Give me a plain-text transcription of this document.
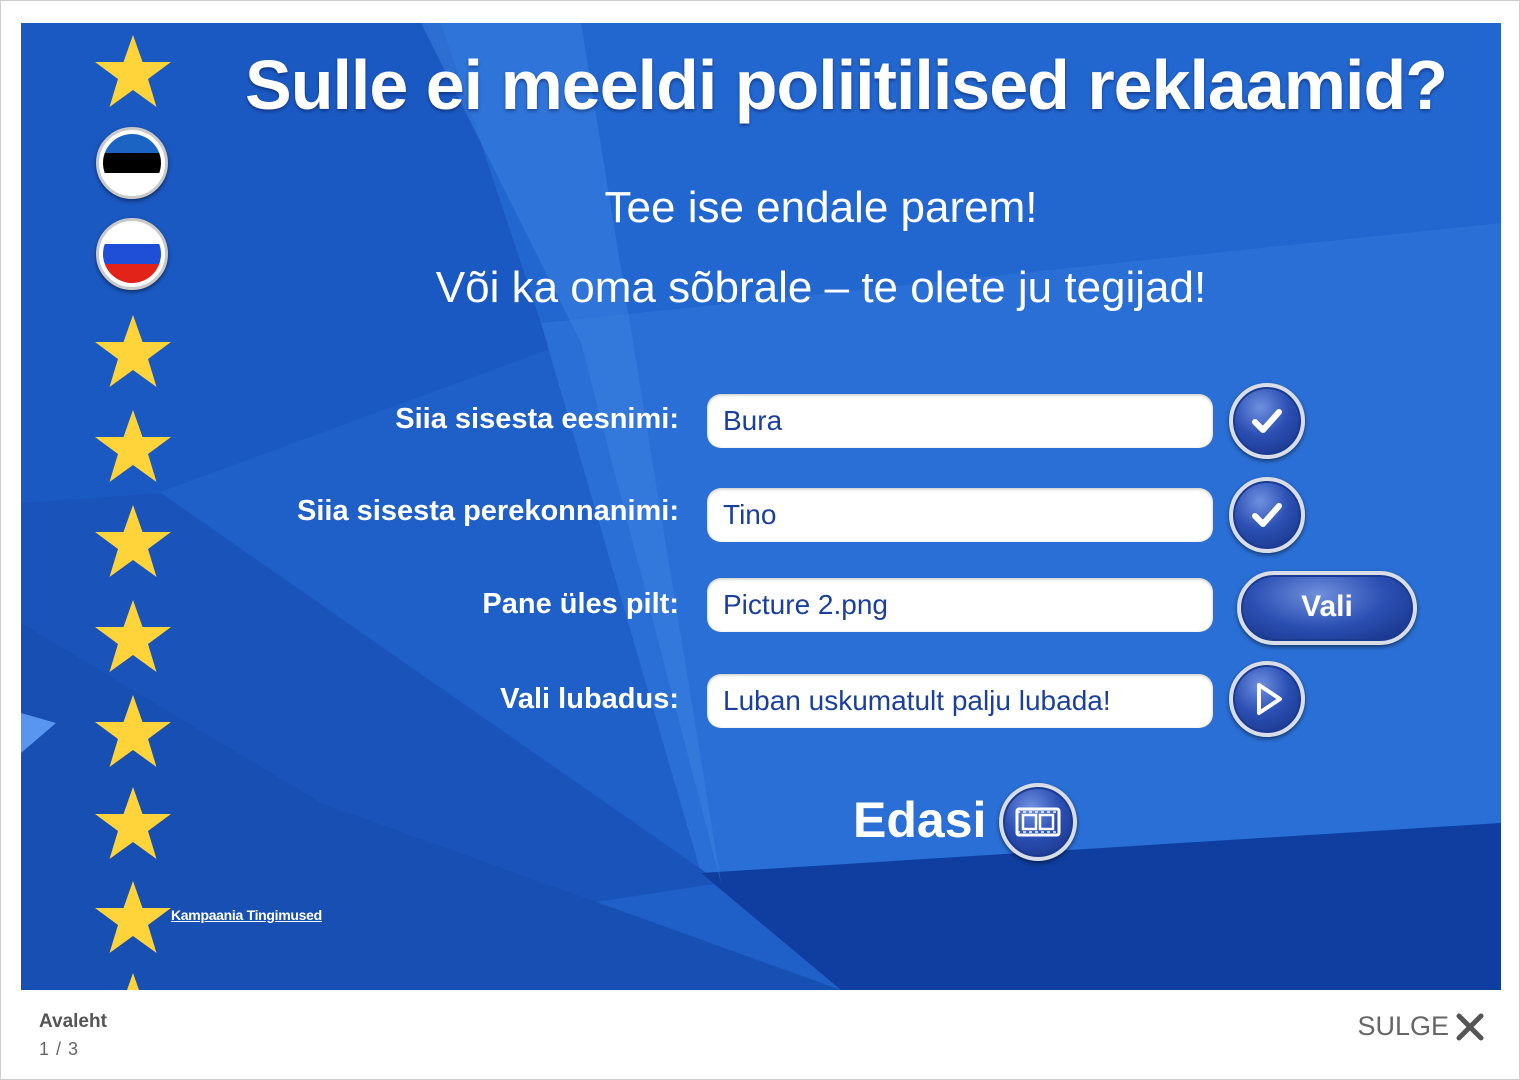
Sulle ei meeldi poliitilised reklaamid?
Tee ise endale parem!
Või ka oma sõbrale – te olete ju tegijad!
Siia sisesta eesnimi:
Bura
Siia sisesta perekonnanimi:
Tino
Pane üles pilt:
Picture 2.png	Vali
Vali lubadus:
Luban uskumatult palju lubada!
Edasi
Kampaania Tingimused
Avaleht
1 / 3
SULGE
